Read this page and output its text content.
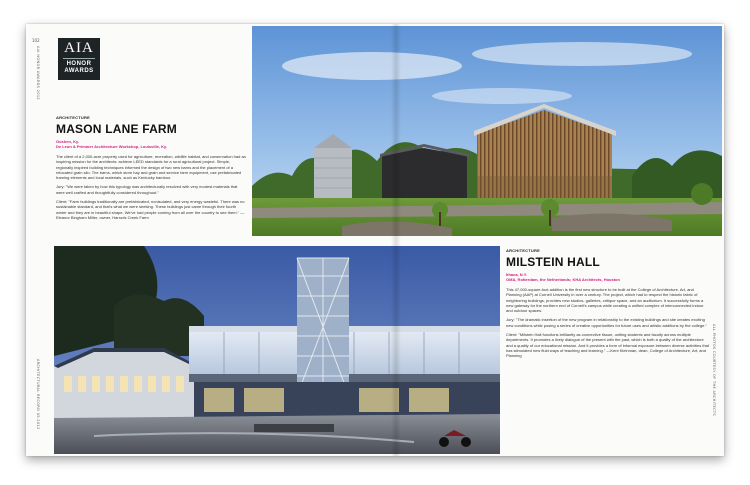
102
AIA HONOR AWARDS 2012
ARCHITECTURAL RECORD 05.2012	ALL PHOTOS COURTESY OF THE ARCHITECTS
AIA
HONOR
AWARDS
ARCHITECTURE
MASON LANE FARM
Goshen, Ky.
De Leon & Primmer Architecture Workshop, Louisville, Ky.

The client of a 2,000-acre property used for agriculture, recreation, wildlife habitat, and conservation had an inspiring mission for the architects: achieve LEED standards for a rural agricultural project. Simple, regionally inspired building techniques informed the design of two new barns and the placement of a relocated grain silo. The barns, which store hay and grain and service farm equipment, use prefabricated framing elements and local materials, such as Kentucky bamboo.

Jury: "We were taken by how this typology was architecturally resolved with very modest materials that were well crafted and thoughtfully considered throughout."

Client: "Farm buildings traditionally are prefabricated, nonisulated, and very energy wasteful. There was no sustainable standard, and that's what we were seeking. These buildings just came through their fourth winter and they are in beautiful shape. We've had people coming from all over the country to see them." —Eleanor Bingham Miller, owner, Harrods Creek Farm

ARCHITECTURE
MILSTEIN HALL
Ithaca, N.Y.
OMA, Rotterdam, the Netherlands; KHA Architects, Houston

This 47,000-square-foot addition is the first new structure to be built at the College of Architecture, Art, and Planning (AAP) at Cornell University in over a century. The project, which had to respect the historic fabric of neighboring buildings, provides new studios, galleries, critique space, and an auditorium. It successfully forms a new gateway for the northern end of Cornell's campus while creating a unified complex of interconnected indoor and outdoor spaces.

Jury: "The dramatic insertion of the new program in relationship to the existing buildings and site creates exciting new conditions while posing a series of creative opportunities for future uses and artistic additions by the college."

Client: "Milstein Hall functions brilliantly as connective tissue, uniting students and faculty across multiple departments. It promotes a lively dialogue of the present with the past, which is both a quality of the architecture and a quality of our educational mission. And it provides a form of informal exposure between diverse activities that has stimulated new fluid ways of teaching and learning." —Kent Kleinman, dean, College of Architecture, Art, and Planning
